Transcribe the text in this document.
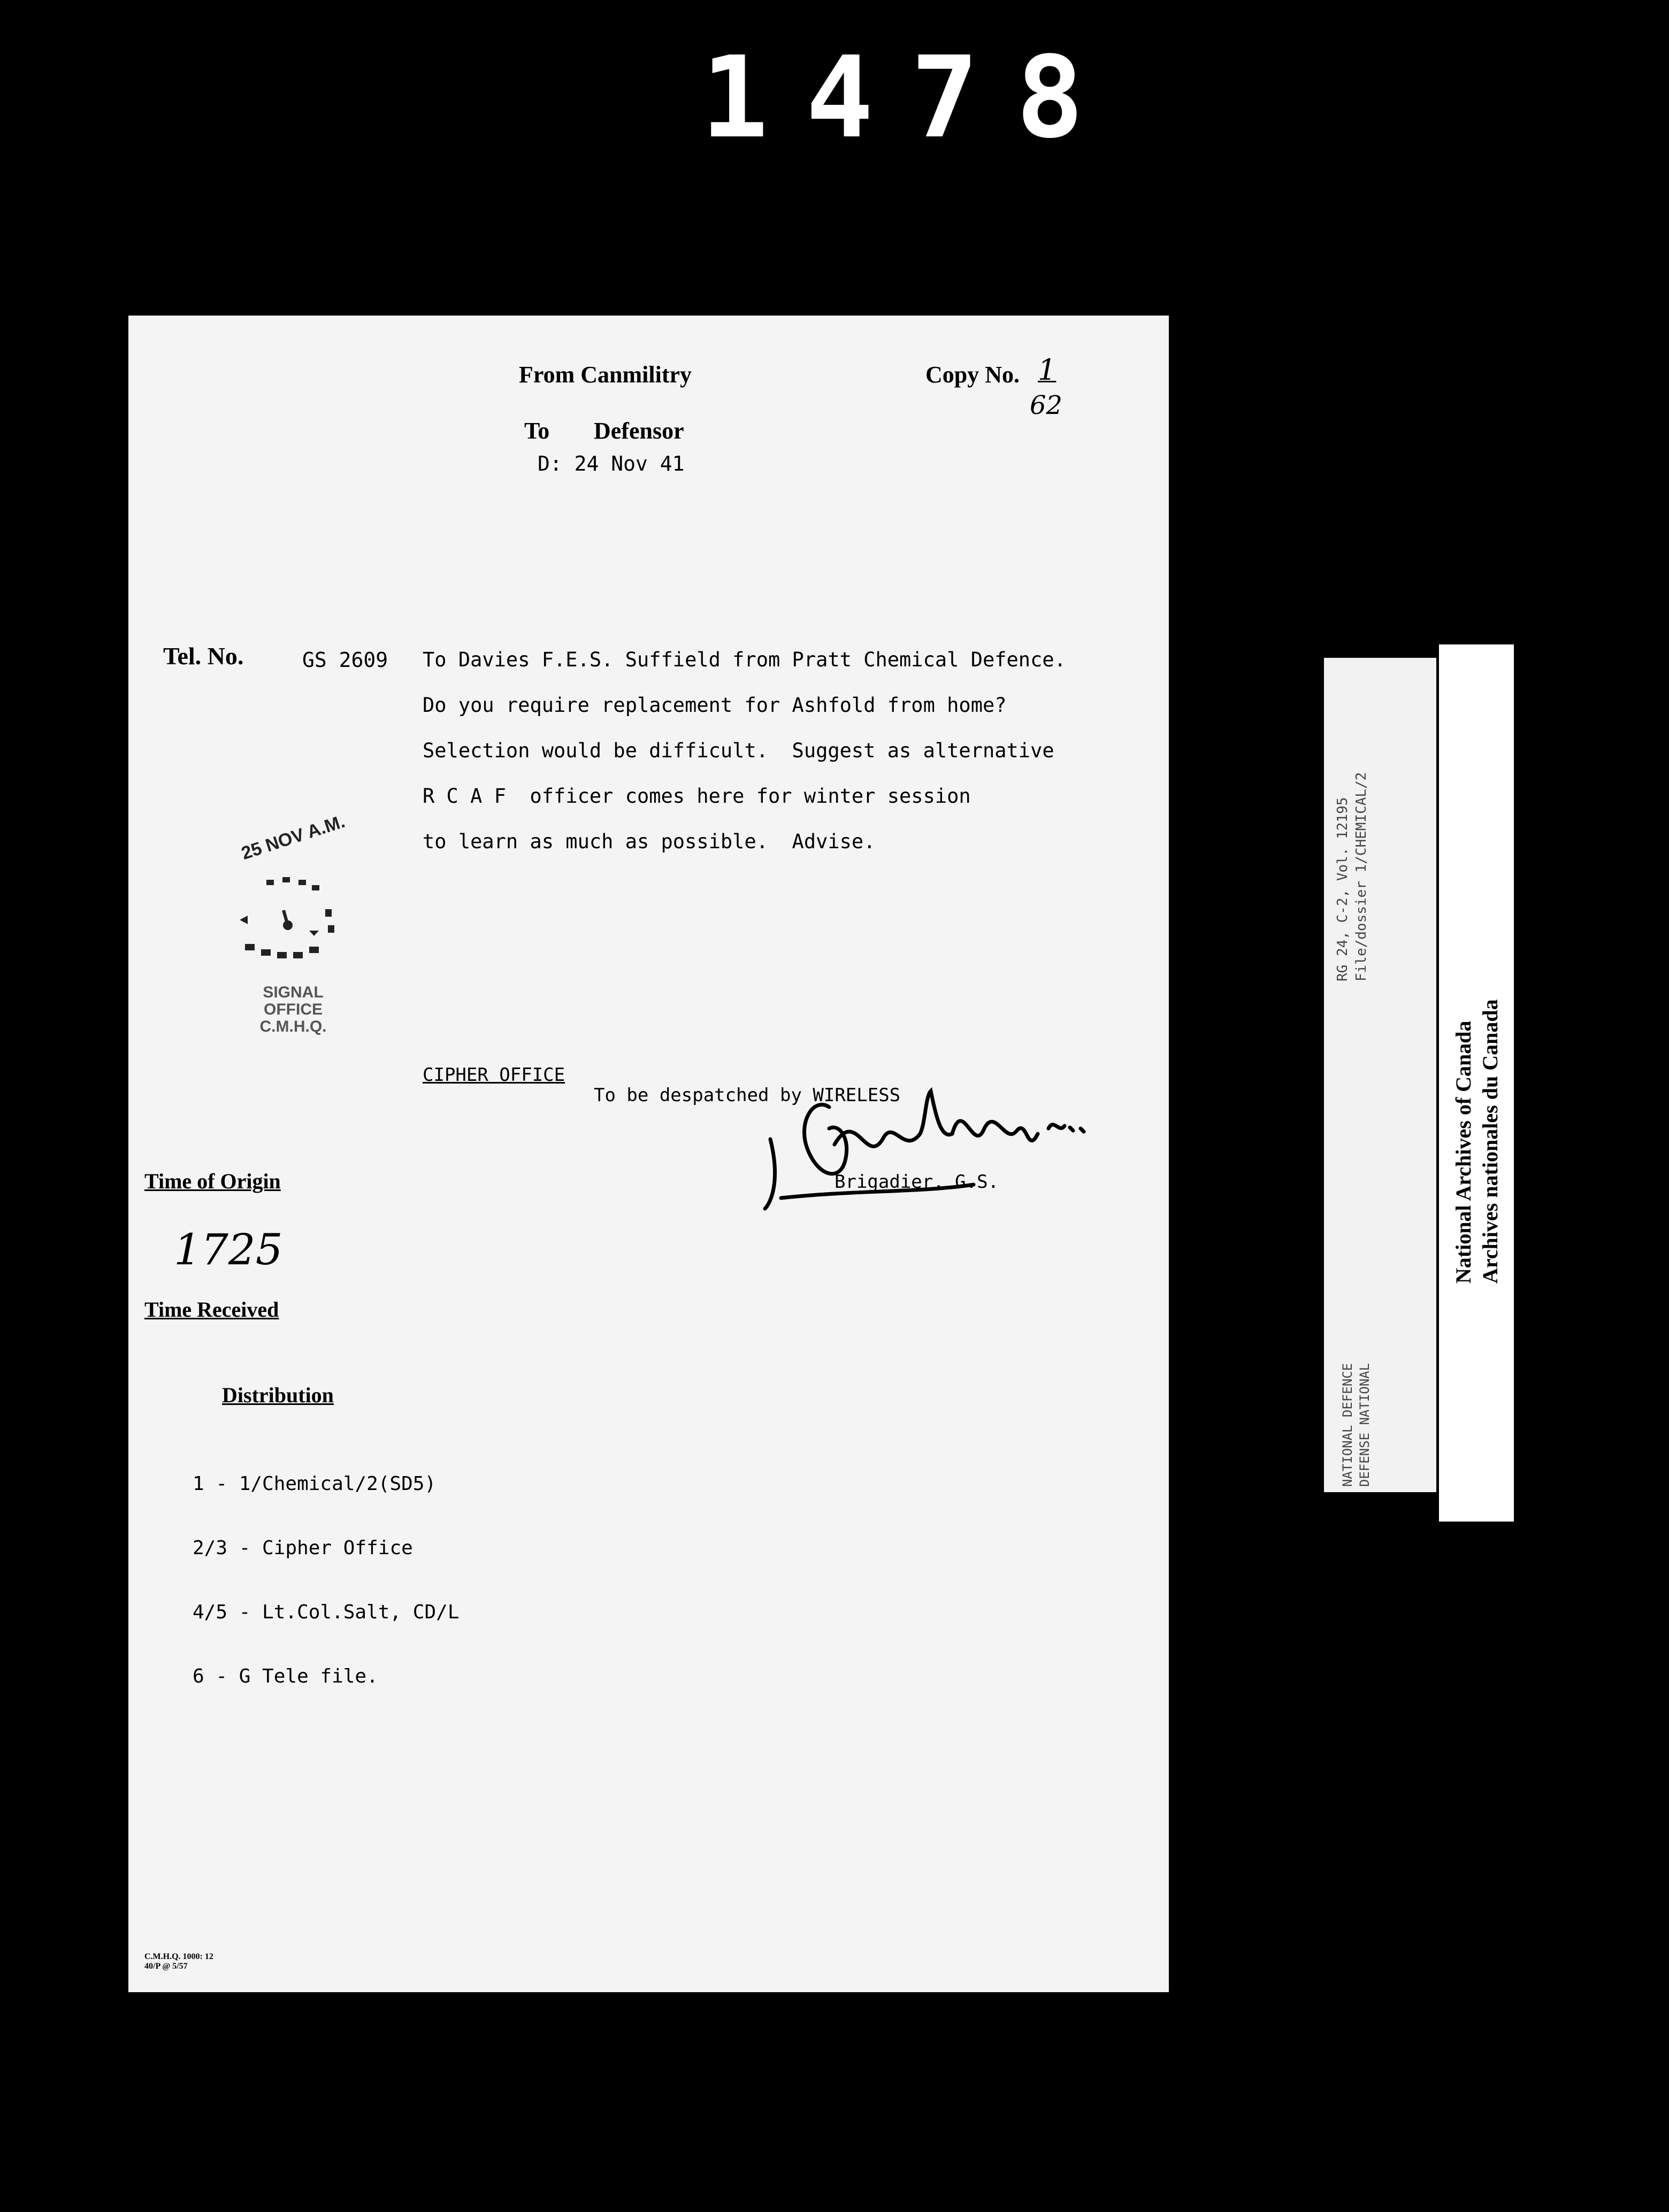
1478
From Canmilitry	Copy No. 1
62
To Defensor
D: 24 Nov 41
Tel. No.	GS 2609 To Davies F.E.S. Suffield from Pratt Chemical Defence.
Do you require replacement for Ashfold from home?
Selection would be difficult.  Suggest as alternative
R C A F  officer comes here for winter session
to learn as much as possible.  Advise.
25 NOV A.M.
SIGNAL
OFFICE
C.M.H.Q.
CIPHER OFFICE
To be despatched by WIRELESS
Brigadier, G.S.
Time of Origin
1725
Time Received
Distribution

1 - 1/Chemical/2(SD5)

2/3 - Cipher Office

4/5 - Lt.Col.Salt, CD/L

6 - G Tele file.

C.M.H.Q. 1000: 12
40/P @ 5/57
RG 24, C-2, Vol. 12195 File/dossier 1/CHEMICAL/2
NATIONAL DEFENCE DEFENSE NATIONAL
National Archives of Canada Archives nationales du Canada
